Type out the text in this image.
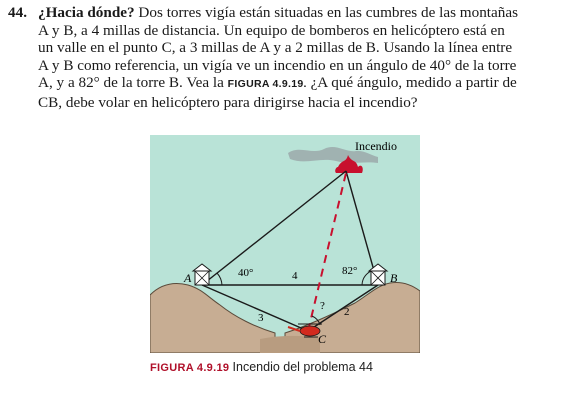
44. ¿Hacia dónde? Dos torres vigía están situadas en las cumbres de las montañas
A y B, a 4 millas de distancia. Un equipo de bomberos en helicóptero está en
un valle en el punto C, a 3 millas de A y a 2 millas de B. Usando la línea entre
A y B como referencia, un vigía ve un incendio en un ángulo de 40° de la torre
A, y a 82° de la torre B. Vea la FIGURA 4.9.19. ¿A qué ángulo, medido a partir de
CB, debe volar en helicóptero para dirigirse hacia el incendio?
Incendio
A	B
C
40°	82°
4
3	2
?
FIGURA 4.9.19 Incendio del problema 44
